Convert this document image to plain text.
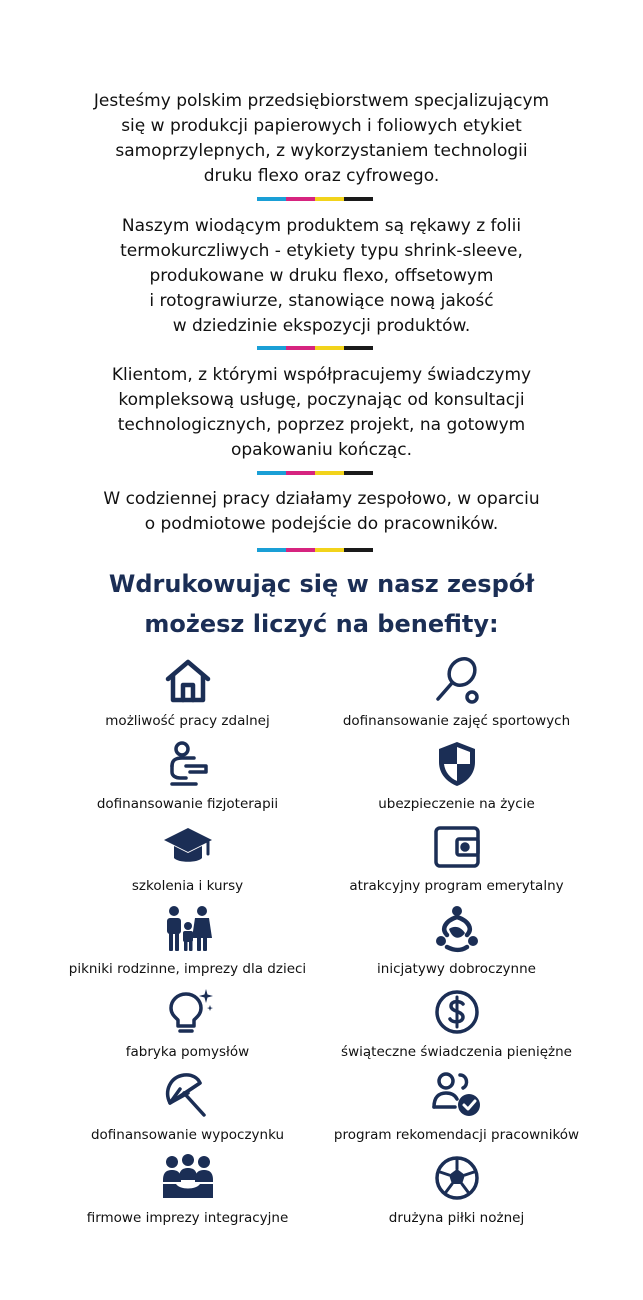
Jesteśmy polskim przedsiębiorstwem specjalizującym
się w produkcji papierowych i foliowych etykiet
samoprzylepnych, z wykorzystaniem technologii
druku flexo oraz cyfrowego.
Naszym wiodącym produktem są rękawy z folii
termokurczliwych - etykiety typu shrink-sleeve,
produkowane w druku flexo, offsetowym
i rotograwiurze, stanowiące nową jakość
w dziedzinie ekspozycji produktów.
Klientom, z którymi współpracujemy świadczymy
kompleksową usługę, poczynając od konsultacji
technologicznych, poprzez projekt, na gotowym
opakowaniu kończąc.
W codziennej pracy działamy zespołowo, w oparciu
o podmiotowe podejście do pracowników.
Wdrukowując się w nasz zespół
możesz liczyć na benefity:
możliwość pracy zdalnej	dofinansowanie zajęć sportowych
dofinansowanie fizjoterapii	ubezpieczenie na życie
szkolenia i kursy	atrakcyjny program emerytalny
pikniki rodzinne, imprezy dla dzieci	inicjatywy dobroczynne
fabryka pomysłów	świąteczne świadczenia pieniężne
dofinansowanie wypoczynku	program rekomendacji pracowników
firmowe imprezy integracyjne	drużyna piłki nożnej
